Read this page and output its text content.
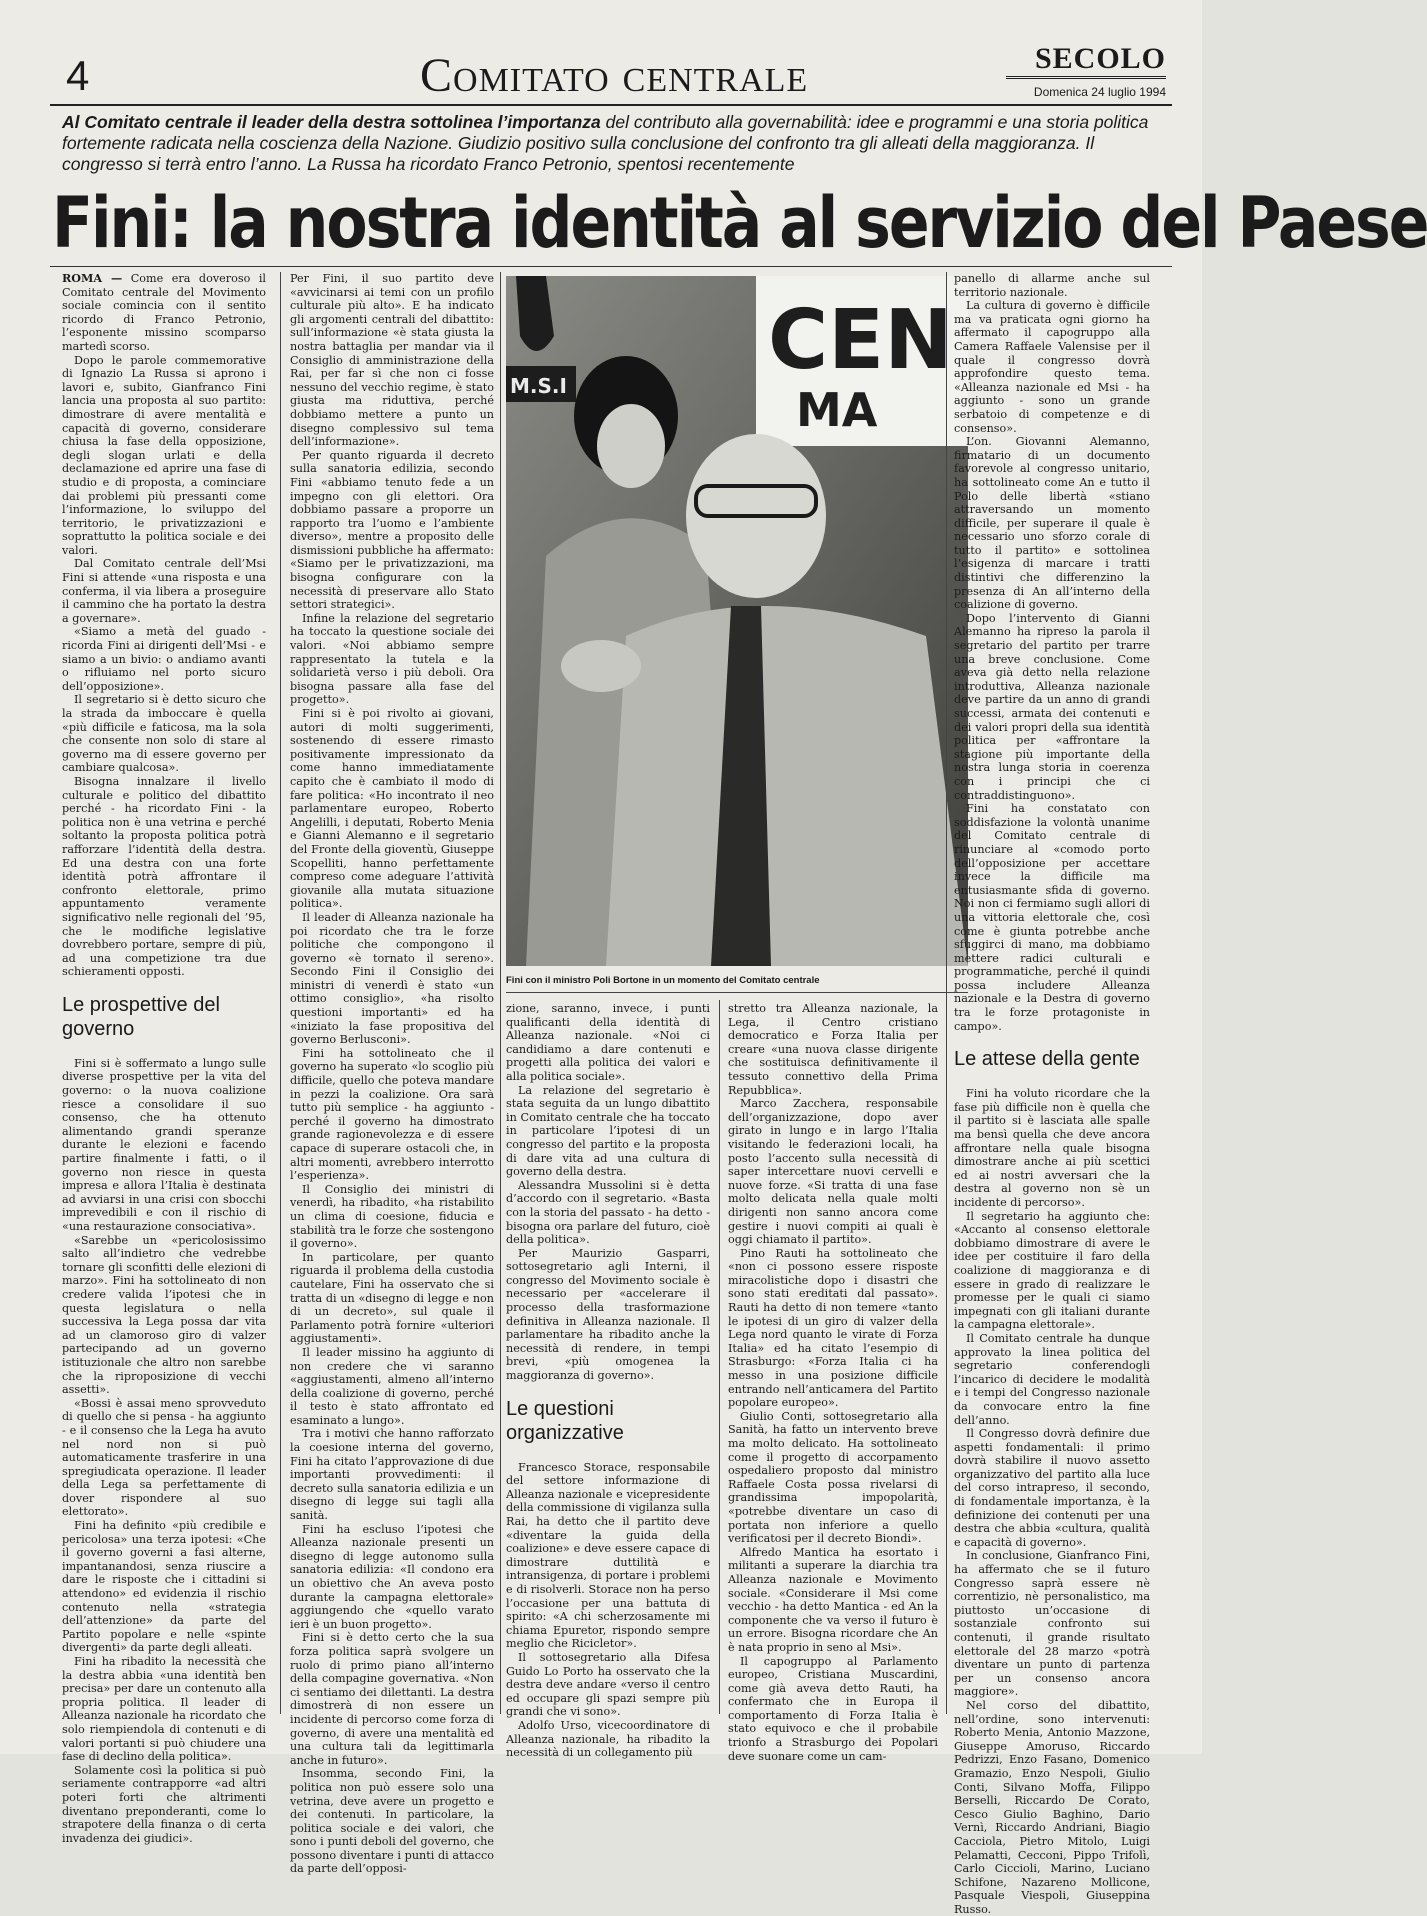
4	Comitato centrale	SECOLO
Domenica 24 luglio 1994
Al Comitato centrale il leader della destra sottolinea l’importanza del contributo alla governabilità: idee e programmi e una storia politica fortemente radicata nella coscienza della Nazione. Giudizio positivo sulla conclusione del confronto tra gli alleati della maggioranza. Il congresso si terrà entro l’anno. La Russa ha ricordato Franco Petronio, spentosi recentemente
Fini: la nostra identità al servizio del Paese

ROMA — Come era doveroso il Comitato centrale del Movimento sociale comincia con il sentito ricordo di Franco Petronio, l’esponente missino scomparso martedì scorso.

Dopo le parole commemorative di Ignazio La Russa si aprono i lavori e, subito, Gianfranco Fini lancia una proposta al suo partito: dimostrare di avere mentalità e capacità di governo, considerare chiusa la fase della opposizione, degli slogan urlati e della declamazione ed aprire una fase di studio e di proposta, a cominciare dai problemi più pressanti come l’informazione, lo sviluppo del territorio, le privatizzazioni e soprattutto la politica sociale e dei valori.

Dal Comitato centrale dell’Msi Fini si attende «una risposta e una conferma, il via libera a proseguire il cammino che ha portato la destra a governare».

«Siamo a metà del guado - ricorda Fini ai dirigenti dell’Msi - e siamo a un bivio: o andiamo avanti o rifluiamo nel porto sicuro dell’opposizione».

Il segretario si è detto sicuro che la strada da imboccare è quella «più difficile e faticosa, ma la sola che consente non solo di stare al governo ma di essere governo per cambiare qualcosa».

Bisogna innalzare il livello culturale e politico del dibattito perché - ha ricordato Fini - la politica non è una vetrina e perché soltanto la proposta politica potrà rafforzare l’identità della destra. Ed una destra con una forte identità potrà affrontare il confronto elettorale, primo appuntamento veramente significativo nelle regionali del ’95, che le modifiche legislative dovrebbero portare, sempre di più, ad una competizione tra due schieramenti opposti.

Le prospettive del governo

Fini si è soffermato a lungo sulle diverse prospettive per la vita del governo: o la nuova coalizione riesce a consolidare il suo consenso, che ha ottenuto alimentando grandi speranze durante le elezioni e facendo partire finalmente i fatti, o il governo non riesce in questa impresa e allora l’Italia è destinata ad avviarsi in una crisi con sbocchi imprevedibili e con il rischio di «una restaurazione consociativa».

«Sarebbe un «pericolosissimo salto all’indietro che vedrebbe tornare gli sconfitti delle elezioni di marzo». Fini ha sottolineato di non credere valida l’ipotesi che in questa legislatura o nella successiva la Lega possa dar vita ad un clamoroso giro di valzer partecipando ad un governo istituzionale che altro non sarebbe che la riproposizione di vecchi assetti».

«Bossi è assai meno sprovveduto di quello che si pensa - ha aggiunto - e il consenso che la Lega ha avuto nel nord non si può automaticamente trasferire in una spregiudicata operazione. Il leader della Lega sa perfettamente di dover rispondere al suo elettorato».

Fini ha definito «più credibile e pericolosa» una terza ipotesi: «Che il governo governi a fasi alterne, impantanandosi, senza riuscire a dare le risposte che i cittadini si attendono» ed evidenzia il rischio contenuto nella «strategia dell’attenzione» da parte del Partito popolare e nelle «spinte divergenti» da parte degli alleati.

Fini ha ribadito la necessità che la destra abbia «una identità ben precisa» per dare un contenuto alla propria politica. Il leader di Alleanza nazionale ha ricordato che solo riempiendola di contenuti e di valori portanti si può chiudere una fase di declino della politica».

Solamente così la politica si può seriamente contrapporre «ad altri poteri forti che altrimenti diventano preponderanti, come lo strapotere della finanza o di certa invadenza dei giudici».

Per Fini, il suo partito deve «avvicinarsi ai temi con un profilo culturale più alto». E ha indicato gli argomenti centrali del dibattito: sull’informazione «è stata giusta la nostra battaglia per mandar via il Consiglio di amministrazione della Rai, per far sì che non ci fosse nessuno del vecchio regime, è stato giusta ma riduttiva, perché dobbiamo mettere a punto un disegno complessivo sul tema dell’informazione».

Per quanto riguarda il decreto sulla sanatoria edilizia, secondo Fini «abbiamo tenuto fede a un impegno con gli elettori. Ora dobbiamo passare a proporre un rapporto tra l’uomo e l’ambiente diverso», mentre a proposito delle dismissioni pubbliche ha affermato: «Siamo per le privatizzazioni, ma bisogna configurare con la necessità di preservare allo Stato settori strategici».

Infine la relazione del segretario ha toccato la questione sociale dei valori. «Noi abbiamo sempre rappresentato la tutela e la solidarietà verso i più deboli. Ora bisogna passare alla fase del progetto».

Fini si è poi rivolto ai giovani, autori di molti suggerimenti, sostenendo di essere rimasto positivamente impressionato da come hanno immediatamente capito che è cambiato il modo di fare politica: «Ho incontrato il neo parlamentare europeo, Roberto Angelilli, i deputati, Roberto Menia e Gianni Alemanno e il segretario del Fronte della gioventù, Giuseppe Scopelliti, hanno perfettamente compreso come adeguare l’attività giovanile alla mutata situazione politica».

Il leader di Alleanza nazionale ha poi ricordato che tra le forze politiche che compongono il governo «è tornato il sereno». Secondo Fini il Consiglio dei ministri di venerdì è stato «un ottimo consiglio», «ha risolto questioni importanti» ed ha «iniziato la fase propositiva del governo Berlusconi».

Fini ha sottolineato che il governo ha superato «lo scoglio più difficile, quello che poteva mandare in pezzi la coalizione. Ora sarà tutto più semplice - ha aggiunto - perché il governo ha dimostrato grande ragionevolezza e di essere capace di superare ostacoli che, in altri momenti, avrebbero interrotto l’esperienza».

Il Consiglio dei ministri di venerdì, ha ribadito, «ha ristabilito un clima di coesione, fiducia e stabilità tra le forze che sostengono il governo».

In particolare, per quanto riguarda il problema della custodia cautelare, Fini ha osservato che si tratta di un «disegno di legge e non di un decreto», sul quale il Parlamento potrà fornire «ulteriori aggiustamenti».

Il leader missino ha aggiunto di non credere che vi saranno «aggiustamenti, almeno all’interno della coalizione di governo, perché il testo è stato affrontato ed esaminato a lungo».

Tra i motivi che hanno rafforzato la coesione interna del governo, Fini ha citato l’approvazione di due importanti provvedimenti: il decreto sulla sanatoria edilizia e un disegno di legge sui tagli alla sanità.

Fini ha escluso l’ipotesi che Alleanza nazionale presenti un disegno di legge autonomo sulla sanatoria edilizia: «Il condono era un obiettivo che An aveva posto durante la campagna elettorale» aggiungendo che «quello varato ieri è un buon progetto».

Fini si è detto certo che la sua forza politica saprà svolgere un ruolo di primo piano all’interno della compagine governativa. «Non ci sentiamo dei dilettanti. La destra dimostrerà di non essere un incidente di percorso come forza di governo, di avere una mentalità ed una cultura tali da legittimarla anche in futuro».

Insomma, secondo Fini, la politica non può essere solo una vetrina, deve avere un progetto e dei contenuti. In particolare, la politica sociale e dei valori, che sono i punti deboli del governo, che possono diventare i punti di attacco da parte dell’opposi-

CEN
MA
M.S.I
Fini con il ministro Poli Bortone in un momento del Comitato centrale

zione, saranno, invece, i punti qualificanti della identità di Alleanza nazionale. «Noi ci candidiamo a dare contenuti e progetti alla politica dei valori e alla politica sociale».

La relazione del segretario è stata seguita da un lungo dibattito in Comitato centrale che ha toccato in particolare l’ipotesi di un congresso del partito e la proposta di dare vita ad una cultura di governo della destra.

Alessandra Mussolini si è detta d’accordo con il segretario. «Basta con la storia del passato - ha detto - bisogna ora parlare del futuro, cioè della politica».

Per Maurizio Gasparri, sottosegretario agli Interni, il congresso del Movimento sociale è necessario per «accelerare il processo della trasformazione definitiva in Alleanza nazionale. Il parlamentare ha ribadito anche la necessità di rendere, in tempi brevi, «più omogenea la maggioranza di governo».

Le questioni organizzative

Francesco Storace, responsabile del settore informazione di Alleanza nazionale e vicepresidente della commissione di vigilanza sulla Rai, ha detto che il partito deve «diventare la guida della coalizione» e deve essere capace di dimostrare duttilità e intransigenza, di portare i problemi e di risolverli. Storace non ha perso l’occasione per una battuta di spirito: «A chi scherzosamente mi chiama Epuretor, rispondo sempre meglio che Ricicletor».

Il sottosegretario alla Difesa Guido Lo Porto ha osservato che la destra deve andare «verso il centro ed occupare gli spazi sempre più grandi che vi sono».

Adolfo Urso, vicecoordinatore di Alleanza nazionale, ha ribadito la necessità di un collegamento più

stretto tra Alleanza nazionale, la Lega, il Centro cristiano democratico e Forza Italia per creare «una nuova classe dirigente che sostituisca definitivamente il tessuto connettivo della Prima Repubblica».

Marco Zacchera, responsabile dell’organizzazione, dopo aver girato in lungo e in largo l’Italia visitando le federazioni locali, ha posto l’accento sulla necessità di saper intercettare nuovi cervelli e nuove forze. «Si tratta di una fase molto delicata nella quale molti dirigenti non sanno ancora come gestire i nuovi compiti ai quali è oggi chiamato il partito».

Pino Rauti ha sottolineato che «non ci possono essere risposte miracolistiche dopo i disastri che sono stati ereditati dal passato». Rauti ha detto di non temere «tanto le ipotesi di un giro di valzer della Lega nord quanto le virate di Forza Italia» ed ha citato l’esempio di Strasburgo: «Forza Italia ci ha messo in una posizione difficile entrando nell’anticamera del Partito popolare europeo».

Giulio Conti, sottosegretario alla Sanità, ha fatto un intervento breve ma molto delicato. Ha sottolineato come il progetto di accorpamento ospedaliero proposto dal ministro Raffaele Costa possa rivelarsi di grandissima impopolarità, «potrebbe diventare un caso di portata non inferiore a quello verificatosi per il decreto Biondi».

Alfredo Mantica ha esortato i militanti a superare la diarchia tra Alleanza nazionale e Movimento sociale. «Considerare il Msi come vecchio - ha detto Mantica - ed An la componente che va verso il futuro è un errore. Bisogna ricordare che An è nata proprio in seno al Msi».

Il capogruppo al Parlamento europeo, Cristiana Muscardini, come già aveva detto Rauti, ha confermato che in Europa il comportamento di Forza Italia è stato equivoco e che il probabile trionfo a Strasburgo dei Popolari deve suonare come un cam-

panello di allarme anche sul territorio nazionale.

La cultura di governo è difficile ma va praticata ogni giorno ha affermato il capogruppo alla Camera Raffaele Valensise per il quale il congresso dovrà approfondire questo tema. «Alleanza nazionale ed Msi - ha aggiunto - sono un grande serbatoio di competenze e di consenso».

L’on. Giovanni Alemanno, firmatario di un documento favorevole al congresso unitario, ha sottolineato come An e tutto il Polo delle libertà «stiano attraversando un momento difficile, per superare il quale è necessario uno sforzo corale di tutto il partito» e sottolinea l’esigenza di marcare i tratti distintivi che differenzino la presenza di An all’interno della coalizione di governo.

Dopo l’intervento di Gianni Alemanno ha ripreso la parola il segretario del partito per trarre una breve conclusione. Come aveva già detto nella relazione introduttiva, Alleanza nazionale deve partire da un anno di grandi successi, armata dei contenuti e dei valori propri della sua identità politica per «affrontare la stagione più importante della nostra lunga storia in coerenza con i principi che ci contraddistinguono».

Fini ha constatato con soddisfazione la volontà unanime del Comitato centrale di rinunciare al «comodo porto dell’opposizione per accettare invece la difficile ma entusiasmante sfida di governo. Noi non ci fermiamo sugli allori di una vittoria elettorale che, così come è giunta potrebbe anche sfuggirci di mano, ma dobbiamo mettere radici culturali e programmatiche, perché il quindi possa includere Alleanza nazionale e la Destra di governo tra le forze protagoniste in campo».

Le attese della gente

Fini ha voluto ricordare che la fase più difficile non è quella che il partito si è lasciata alle spalle ma bensì quella che deve ancora affrontare nella quale bisogna dimostrare anche ai più scettici ed ai nostri avversari che la destra al governo non sè un incidente di percorso».

Il segretario ha aggiunto che: «Accanto al consenso elettorale dobbiamo dimostrare di avere le idee per costituire il faro della coalizione di maggioranza e di essere in grado di realizzare le promesse per le quali ci siamo impegnati con gli italiani durante la campagna elettorale».

Il Comitato centrale ha dunque approvato la linea politica del segretario conferendogli l’incarico di decidere le modalità e i tempi del Congresso nazionale da convocare entro la fine dell’anno.

Il Congresso dovrà definire due aspetti fondamentali: il primo dovrà stabilire il nuovo assetto organizzativo del partito alla luce del corso intrapreso, il secondo, di fondamentale importanza, è la definizione dei contenuti per una destra che abbia «cultura, qualità e capacità di governo».

In conclusione, Gianfranco Fini, ha affermato che se il futuro Congresso saprà essere nè correntizio, nè personalistico, ma piuttosto un’occasione di sostanziale confronto sui contenuti, il grande risultato elettorale del 28 marzo «potrà diventare un punto di partenza per un consenso ancora maggiore».

Nel corso del dibattito, nell’ordine, sono intervenuti: Roberto Menia, Antonio Mazzone, Giuseppe Amoruso, Riccardo Pedrizzi, Enzo Fasano, Domenico Gramazio, Enzo Nespoli, Giulio Conti, Silvano Moffa, Filippo Berselli, Riccardo De Corato, Cesco Giulio Baghino, Dario Vernì, Riccardo Andriani, Biagio Cacciola, Pietro Mitolo, Luigi Pelamatti, Cecconi, Pippo Trifolì, Carlo Ciccioli, Marino, Luciano Schifone, Nazareno Mollicone, Pasquale Viespoli, Giuseppina Russo.
